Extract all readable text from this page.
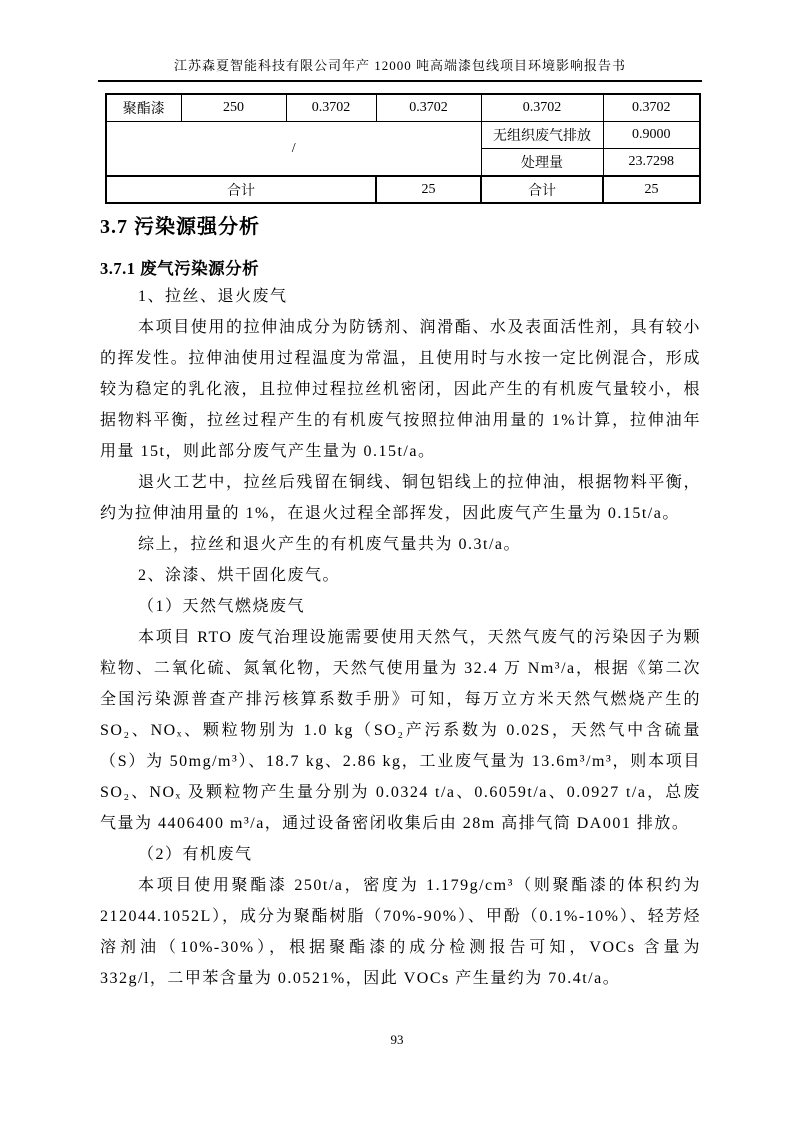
江苏森夏智能科技有限公司年产 12000 吨高端漆包线项目环境影响报告书
聚酯漆	250	0.3702	0.3702	0.3702	0.3702
/				无组织废气排放	0.9000
				处理量	23.7298
合计			25	合计	25
3.7 污染源强分析
3.7.1 废气污染源分析

1、拉丝、退火废气

本项目使用的拉伸油成分为防锈剂、润滑酯、水及表面活性剂，具有较小的挥发性。拉伸油使用过程温度为常温，且使用时与水按一定比例混合，形成较为稳定的乳化液，且拉伸过程拉丝机密闭，因此产生的有机废气量较小，根据物料平衡，拉丝过程产生的有机废气按照拉伸油用量的 1%计算，拉伸油年用量 15t，则此部分废气产生量为 0.15t/a。

退火工艺中，拉丝后残留在铜线、铜包铝线上的拉伸油，根据物料平衡，约为拉伸油用量的 1%，在退火过程全部挥发，因此废气产生量为 0.15t/a。

综上，拉丝和退火产生的有机废气量共为 0.3t/a。

2、涂漆、烘干固化废气。

（1）天然气燃烧废气

本项目 RTO 废气治理设施需要使用天然气，天然气废气的污染因子为颗粒物、二氧化硫、氮氧化物，天然气使用量为 32.4 万 Nm³/a，根据《第二次全国污染源普查产排污核算系数手册》可知，每万立方米天然气燃烧产生的 SO₂、NOₓ、颗粒物别为 1.0 kg（SO₂产污系数为 0.02S，天然气中含硫量（S）为 50mg/m³）、18.7 kg、2.86 kg，工业废气量为 13.6m³/m³，则本项目 SO₂、NOₓ 及颗粒物产生量分别为 0.0324 t/a、0.6059t/a、0.0927 t/a，总废气量为 4406400 m³/a，通过设备密闭收集后由 28m 高排气筒 DA001 排放。

（2）有机废气

本项目使用聚酯漆 250t/a，密度为 1.179g/cm³（则聚酯漆的体积约为 212044.1052L），成分为聚酯树脂（70%-90%）、甲酚（0.1%-10%）、轻芳烃溶剂油（10%-30%），根据聚酯漆的成分检测报告可知，VOCs 含量为 332g/l，二甲苯含量为 0.0521%，因此 VOCs 产生量约为 70.4t/a。

93
